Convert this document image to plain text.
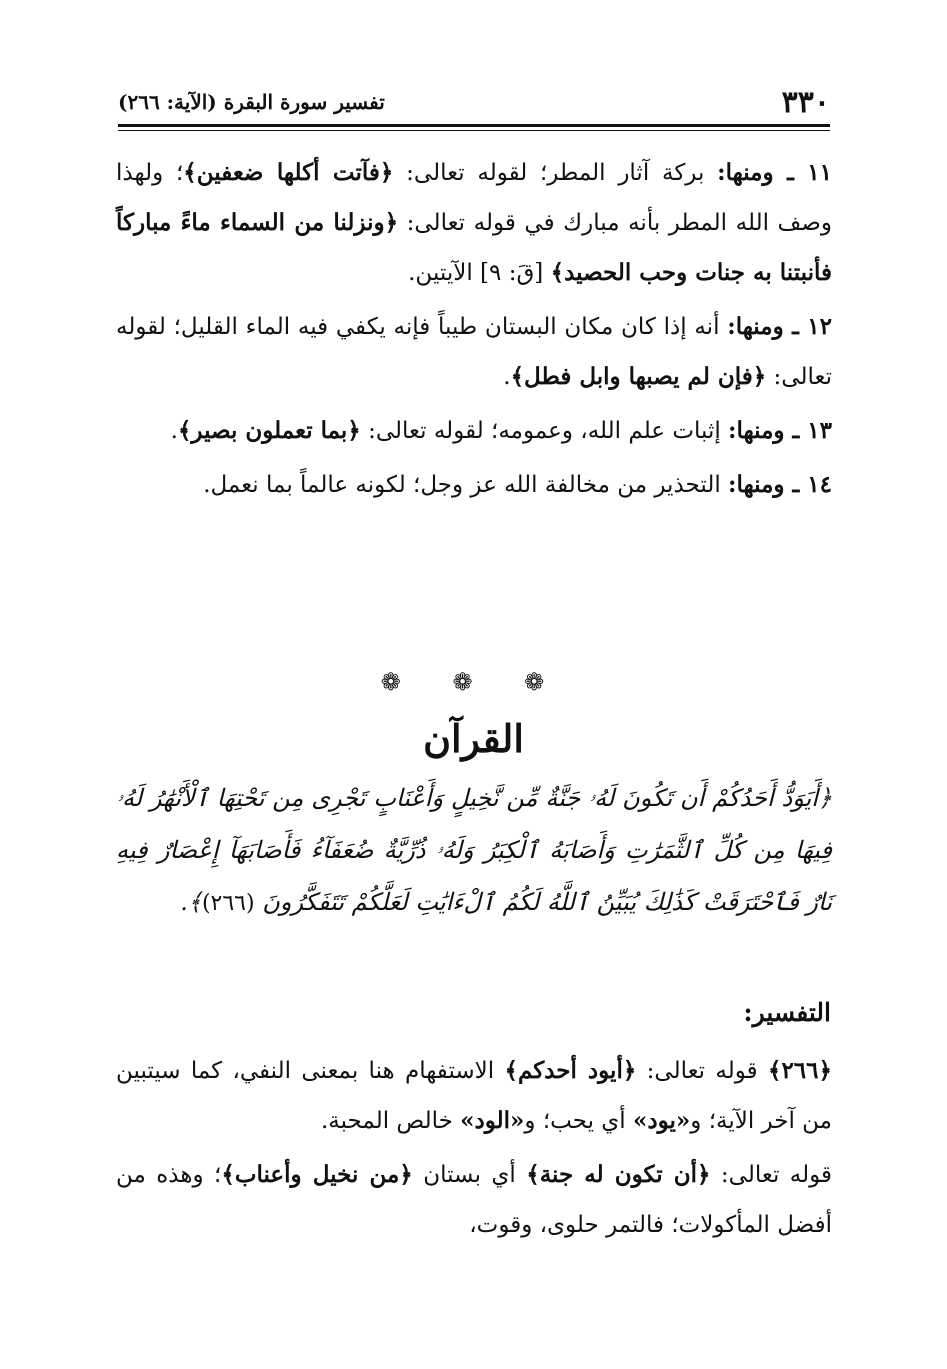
٣٣٠
تفسير سورة البقرة (الآية: ٢٦٦)

١١ ـ ومنها: بركة آثار المطر؛ لقوله تعالى: ﴿فآتت أكلها ضعفين﴾؛ ولهذا وصف الله المطر بأنه مبارك في قوله تعالى: ﴿ونزلنا من السماء ماءً مباركاً فأنبتنا به جنات وحب الحصيد﴾ [قَ: ٩] الآيتين.

١٢ ـ ومنها: أنه إذا كان مكان البستان طيباً فإنه يكفي فيه الماء القليل؛ لقوله تعالى: ﴿فإن لم يصبها وابل فطل﴾.

١٣ ـ ومنها: إثبات علم الله، وعمومه؛ لقوله تعالى: ﴿بما تعملون بصير﴾.

١٤ ـ ومنها: التحذير من مخالفة الله عز وجل؛ لكونه عالماً بما نعمل.

❁ ❁ ❁
القرآن
﴿أَيَوَدُّ أَحَدُكُمْ أَن تَكُونَ لَهُۥ جَنَّةٌ مِّن نَّخِيلٍ وَأَعْنَابٍ تَجْرِى مِن تَحْتِهَا ٱلْأَنْهَٰرُ لَهُۥ فِيهَا مِن كُلِّ ٱلثَّمَرَٰتِ وَأَصَابَهُ ٱلْكِبَرُ وَلَهُۥ ذُرِّيَّةٌ ضُعَفَآءُ فَأَصَابَهَآ إِعْصَارٌ فِيهِ نَارٌ فَٱحْتَرَقَتْ كَذَٰلِكَ يُبَيِّنُ ٱللَّهُ لَكُمُ ٱلْءَايَٰتِ لَعَلَّكُمْ تَتَفَكَّرُونَ (٢٦٦)﴾.
التفسير:

﴿٢٦٦﴾ قوله تعالى: ﴿أيود أحدكم﴾ الاستفهام هنا بمعنى النفي، كما سيتبين من آخر الآية؛ و«يود» أي يحب؛ و«الود» خالص المحبة.

قوله تعالى: ﴿أن تكون له جنة﴾ أي بستان ﴿من نخيل وأعناب﴾؛ وهذه من أفضل المأكولات؛ فالتمر حلوى، وقوت،
